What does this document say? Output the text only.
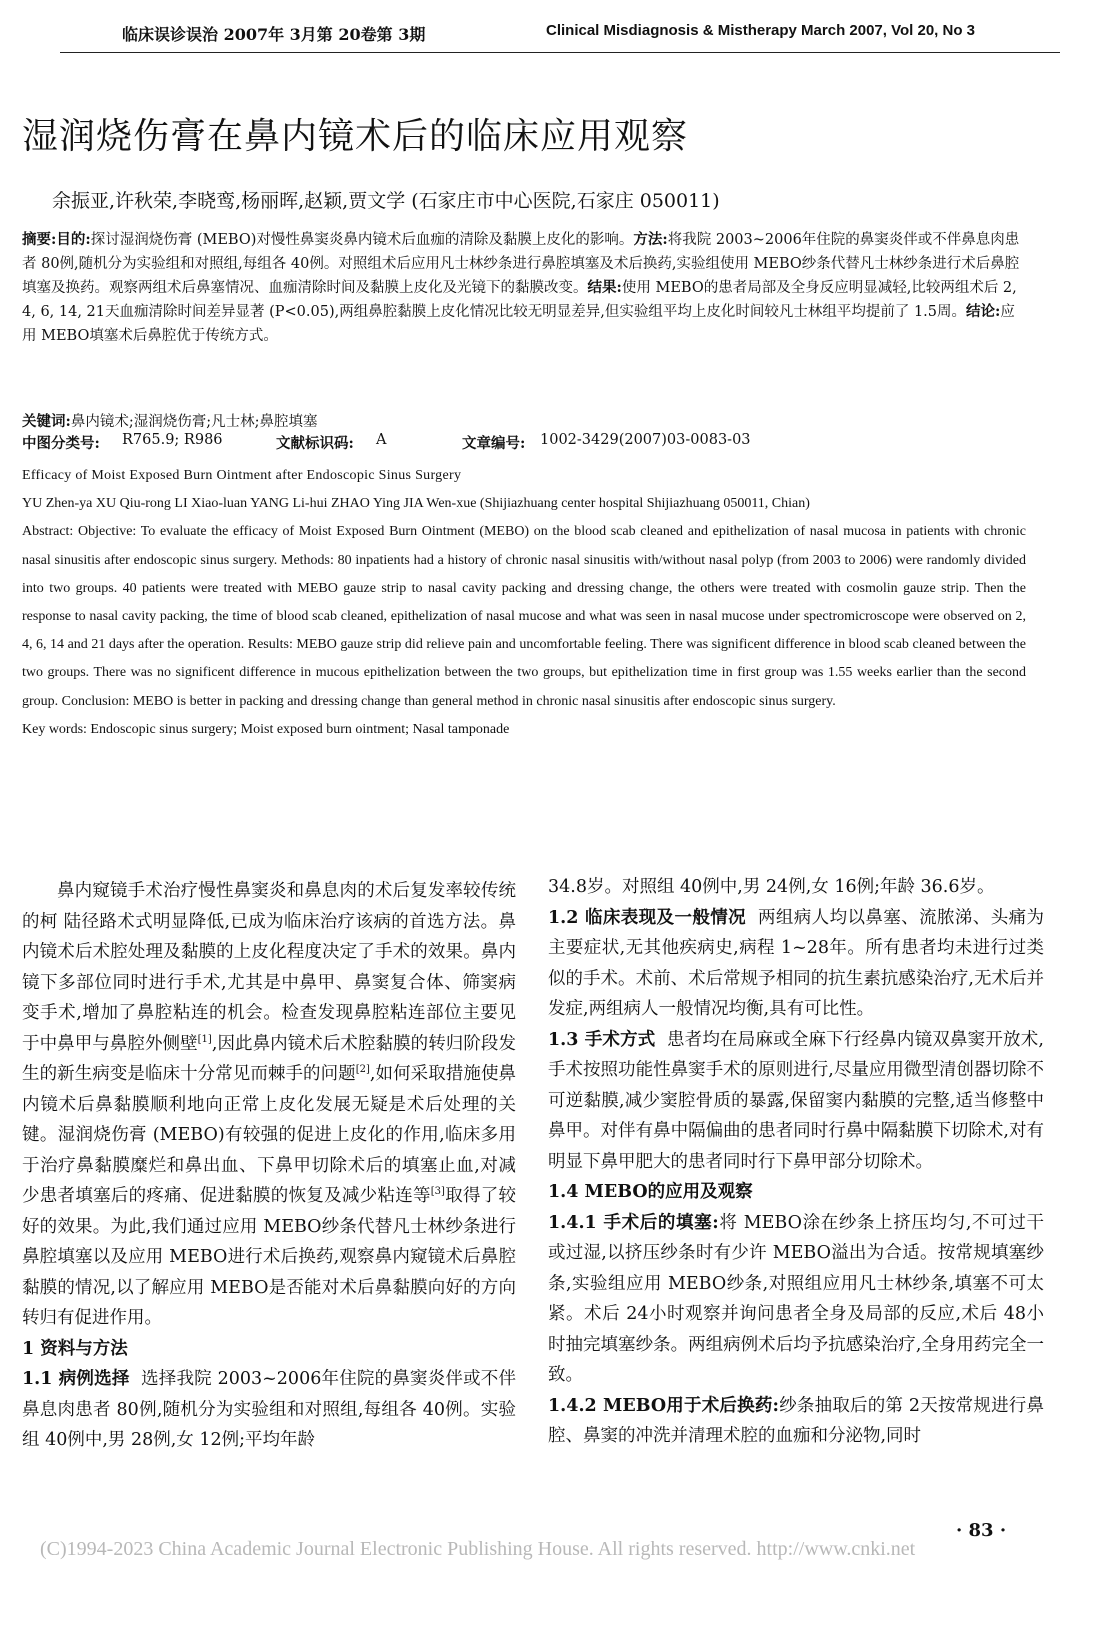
临床误诊误治 2007年 3月第 20卷第 3期	Clinical Misdiagnosis & Mistherapy March 2007, Vol 20, No 3
湿润烧伤膏在鼻内镜术后的临床应用观察
余振亚,许秋荣,李晓鸾,杨丽晖,赵颖,贾文学 (石家庄市中心医院,石家庄 050011)
摘要:目的:探讨湿润烧伤膏 (MEBO)对慢性鼻窦炎鼻内镜术后血痂的清除及黏膜上皮化的影响。方法:将我院 2003~2006年住院的鼻窦炎伴或不伴鼻息肉患者 80例,随机分为实验组和对照组,每组各 40例。对照组术后应用凡士林纱条进行鼻腔填塞及术后换药,实验组使用 MEBO纱条代替凡士林纱条进行术后鼻腔填塞及换药。观察两组术后鼻塞情况、血痂清除时间及黏膜上皮化及光镜下的黏膜改变。结果:使用 MEBO的患者局部及全身反应明显减轻,比较两组术后 2, 4, 6, 14, 21天血痂清除时间差异显著 (P<0.05),两组鼻腔黏膜上皮化情况比较无明显差异,但实验组平均上皮化时间较凡士林组平均提前了 1.5周。结论:应用 MEBO填塞术后鼻腔优于传统方式。
关键词:鼻内镜术;湿润烧伤膏;凡士林;鼻腔填塞
中图分类号: R765.9; R986	文献标识码: A	文章编号: 1002-3429(2007)03-0083-03

Efficacy of Moist Exposed Burn Ointment after Endoscopic Sinus Surgery

YU Zhen-ya XU Qiu-rong LI Xiao-luan YANG Li-hui ZHAO Ying JIA Wen-xue (Shijiazhuang center hospital Shijiazhuang 050011, Chian)

Abstract: Objective: To evaluate the efficacy of Moist Exposed Burn Ointment (MEBO) on the blood scab cleaned and epithelization of nasal mucosa in patients with chronic nasal sinusitis after endoscopic sinus surgery. Methods: 80 inpatients had a history of chronic nasal sinusitis with/without nasal polyp (from 2003 to 2006) were randomly divided into two groups. 40 patients were treated with MEBO gauze strip to nasal cavity packing and dressing change, the others were treated with cosmolin gauze strip. Then the response to nasal cavity packing, the time of blood scab cleaned, epithelization of nasal mucose and what was seen in nasal mucose under spectromicroscope were observed on 2, 4, 6, 14 and 21 days after the operation. Results: MEBO gauze strip did relieve pain and uncomfortable feeling. There was significent difference in blood scab cleaned between the two groups. There was no significent difference in mucous epithelization between the two groups, but epithelization time in first group was 1.55 weeks earlier than the second group. Conclusion: MEBO is better in packing and dressing change than general method in chronic nasal sinusitis after endoscopic sinus surgery.

Key words: Endoscopic sinus surgery; Moist exposed burn ointment; Nasal tamponade

鼻内窥镜手术治疗慢性鼻窦炎和鼻息肉的术后复发率较传统的柯 陆径路术式明显降低,已成为临床治疗该病的首选方法。鼻内镜术后术腔处理及黏膜的上皮化程度决定了手术的效果。鼻内镜下多部位同时进行手术,尤其是中鼻甲、鼻窦复合体、筛窦病变手术,增加了鼻腔粘连的机会。检查发现鼻腔粘连部位主要见于中鼻甲与鼻腔外侧壁[1],因此鼻内镜术后术腔黏膜的转归阶段发生的新生病变是临床十分常见而棘手的问题[2],如何采取措施使鼻内镜术后鼻黏膜顺利地向正常上皮化发展无疑是术后处理的关键。湿润烧伤膏 (MEBO)有较强的促进上皮化的作用,临床多用于治疗鼻黏膜糜烂和鼻出血、下鼻甲切除术后的填塞止血,对减少患者填塞后的疼痛、促进黏膜的恢复及减少粘连等[3]取得了较好的效果。为此,我们通过应用 MEBO纱条代替凡士林纱条进行鼻腔填塞以及应用 MEBO进行术后换药,观察鼻内窥镜术后鼻腔黏膜的情况,以了解应用 MEBO是否能对术后鼻黏膜向好的方向转归有促进作用。

1 资料与方法

1.1 病例选择 选择我院 2003~2006年住院的鼻窦炎伴或不伴鼻息肉患者 80例,随机分为实验组和对照组,每组各 40例。实验组 40例中,男 28例,女 12例;平均年龄

34.8岁。对照组 40例中,男 24例,女 16例;年龄 36.6岁。

1.2 临床表现及一般情况 两组病人均以鼻塞、流脓涕、头痛为主要症状,无其他疾病史,病程 1~28年。所有患者均未进行过类似的手术。术前、术后常规予相同的抗生素抗感染治疗,无术后并发症,两组病人一般情况均衡,具有可比性。

1.3 手术方式 患者均在局麻或全麻下行经鼻内镜双鼻窦开放术,手术按照功能性鼻窦手术的原则进行,尽量应用微型清创器切除不可逆黏膜,减少窦腔骨质的暴露,保留窦内黏膜的完整,适当修整中鼻甲。对伴有鼻中隔偏曲的患者同时行鼻中隔黏膜下切除术,对有明显下鼻甲肥大的患者同时行下鼻甲部分切除术。

1.4 MEBO的应用及观察

1.4.1 手术后的填塞:将 MEBO涂在纱条上挤压均匀,不可过干或过湿,以挤压纱条时有少许 MEBO溢出为合适。按常规填塞纱条,实验组应用 MEBO纱条,对照组应用凡士林纱条,填塞不可太紧。术后 24小时观察并询问患者全身及局部的反应,术后 48小时抽完填塞纱条。两组病例术后均予抗感染治疗,全身用药完全一致。

1.4.2 MEBO用于术后换药:纱条抽取后的第 2天按常规进行鼻腔、鼻窦的冲洗并清理术腔的血痂和分泌物,同时

· 83 ·
(C)1994-2023 China Academic Journal Electronic Publishing House. All rights reserved. http://www.cnki.net
